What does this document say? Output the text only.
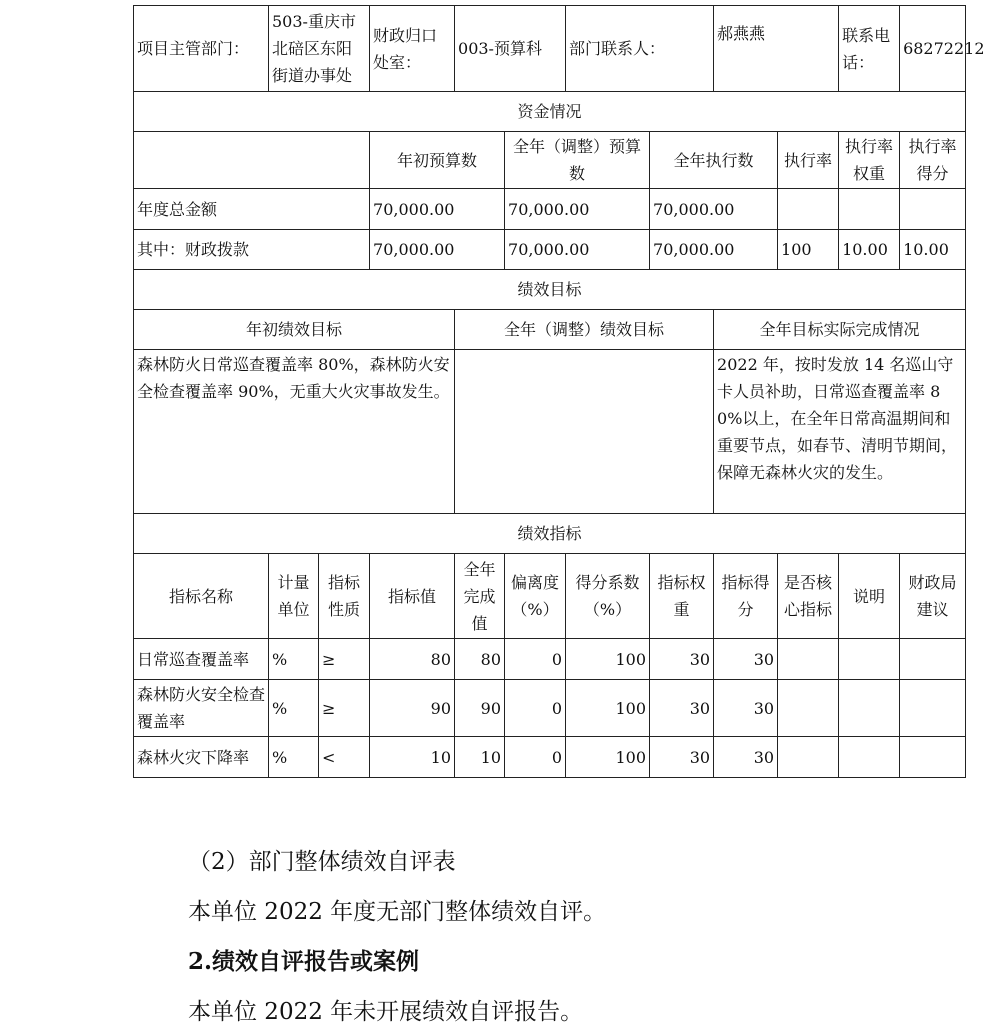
项目主管部门：	503-重庆市北碚区东阳街道办事处		财政归口处室：	003-预算科		部门联系人：		郝燕燕		联系电话：	68272212
资金情况											
			年初预算数		全年（调整）预算数		全年执行数		执行率	执行率权重	执行率得分
年度总金额			70,000.00		70,000.00		70,000.00				
其中：财政拨款			70,000.00		70,000.00		70,000.00		100	10.00	10.00
绩效目标											
年初绩效目标				全年（调整）绩效目标				全年目标实际完成情况			
森林防火日常巡查覆盖率 80%，森林防火安全检查覆盖率 90%，无重大火灾事故发生。								2022 年，按时发放 14 名巡山守卡人员补助，日常巡查覆盖率 80%以上，在全年日常高温期间和重要节点，如春节、清明节期间，保障无森林火灾的发生。			
绩效指标											
指标名称	计量单位	指标性质	指标值	全年完成值	偏离度（%）	得分系数（%）	指标权重	指标得分	是否核心指标	说明	财政局建议
日常巡查覆盖率	%	≥	80	80	0	100	30	30			
森林防火安全检查覆盖率	%	≥	90	90	0	100	30	30			
森林火灾下降率	%	<	10	10	0	100	30	30			
（2）部门整体绩效自评表
本单位 2022 年度无部门整体绩效自评。
2.绩效自评报告或案例
本单位 2022 年未开展绩效自评报告。
